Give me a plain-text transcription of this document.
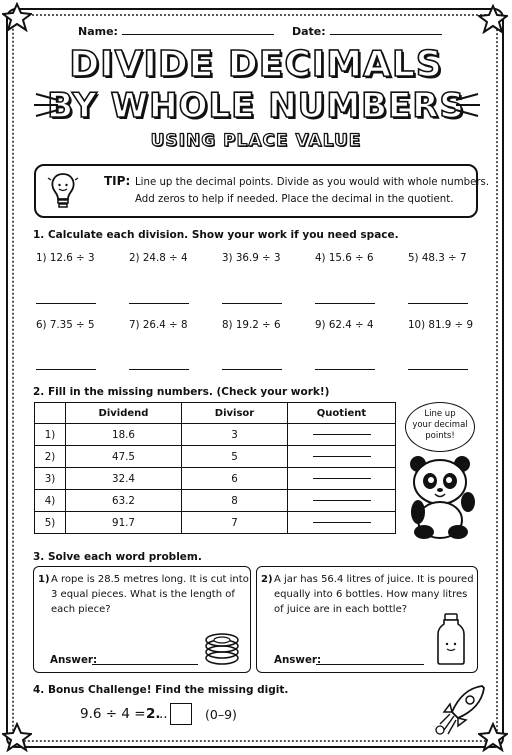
Name:	Date:
DIVIDE DECIMALS
BY WHOLE NUMBERS
USING PLACE VALUE
TIP: Line up the decimal points. Divide as you would with whole numbers.
Add zeros to help if needed. Place the decimal in the quotient.
1. Calculate each division. Show your work if you need space.
1) 12.6 ÷ 3	2) 24.8 ÷ 4	3) 36.9 ÷ 3	4) 15.6 ÷ 6	5) 48.3 ÷ 7
6) 7.35 ÷ 5	7) 26.4 ÷ 8	8) 19.2 ÷ 6	9) 62.4 ÷ 4	10) 81.9 ÷ 9
2. Fill in the missing numbers. (Check your work!)
	Dividend	Divisor	Quotient
1)	18.6	3	
2)	47.5	5	
3)	32.4	6	
4)	63.2	8	
5)	91.7	7	
Line up
your decimal
points!
3. Solve each word problem.
1) A rope is 28.5 metres long. It is cut into
3 equal pieces. What is the length of
each piece?
Answer:
2) A jar has 56.4 litres of juice. It is poured
equally into 6 bottles. How many litres
of juice are in each bottle?
Answer:
4. Bonus Challenge! Find the missing digit.
9.6 ÷ 4 = 2.
..	(0–9)
